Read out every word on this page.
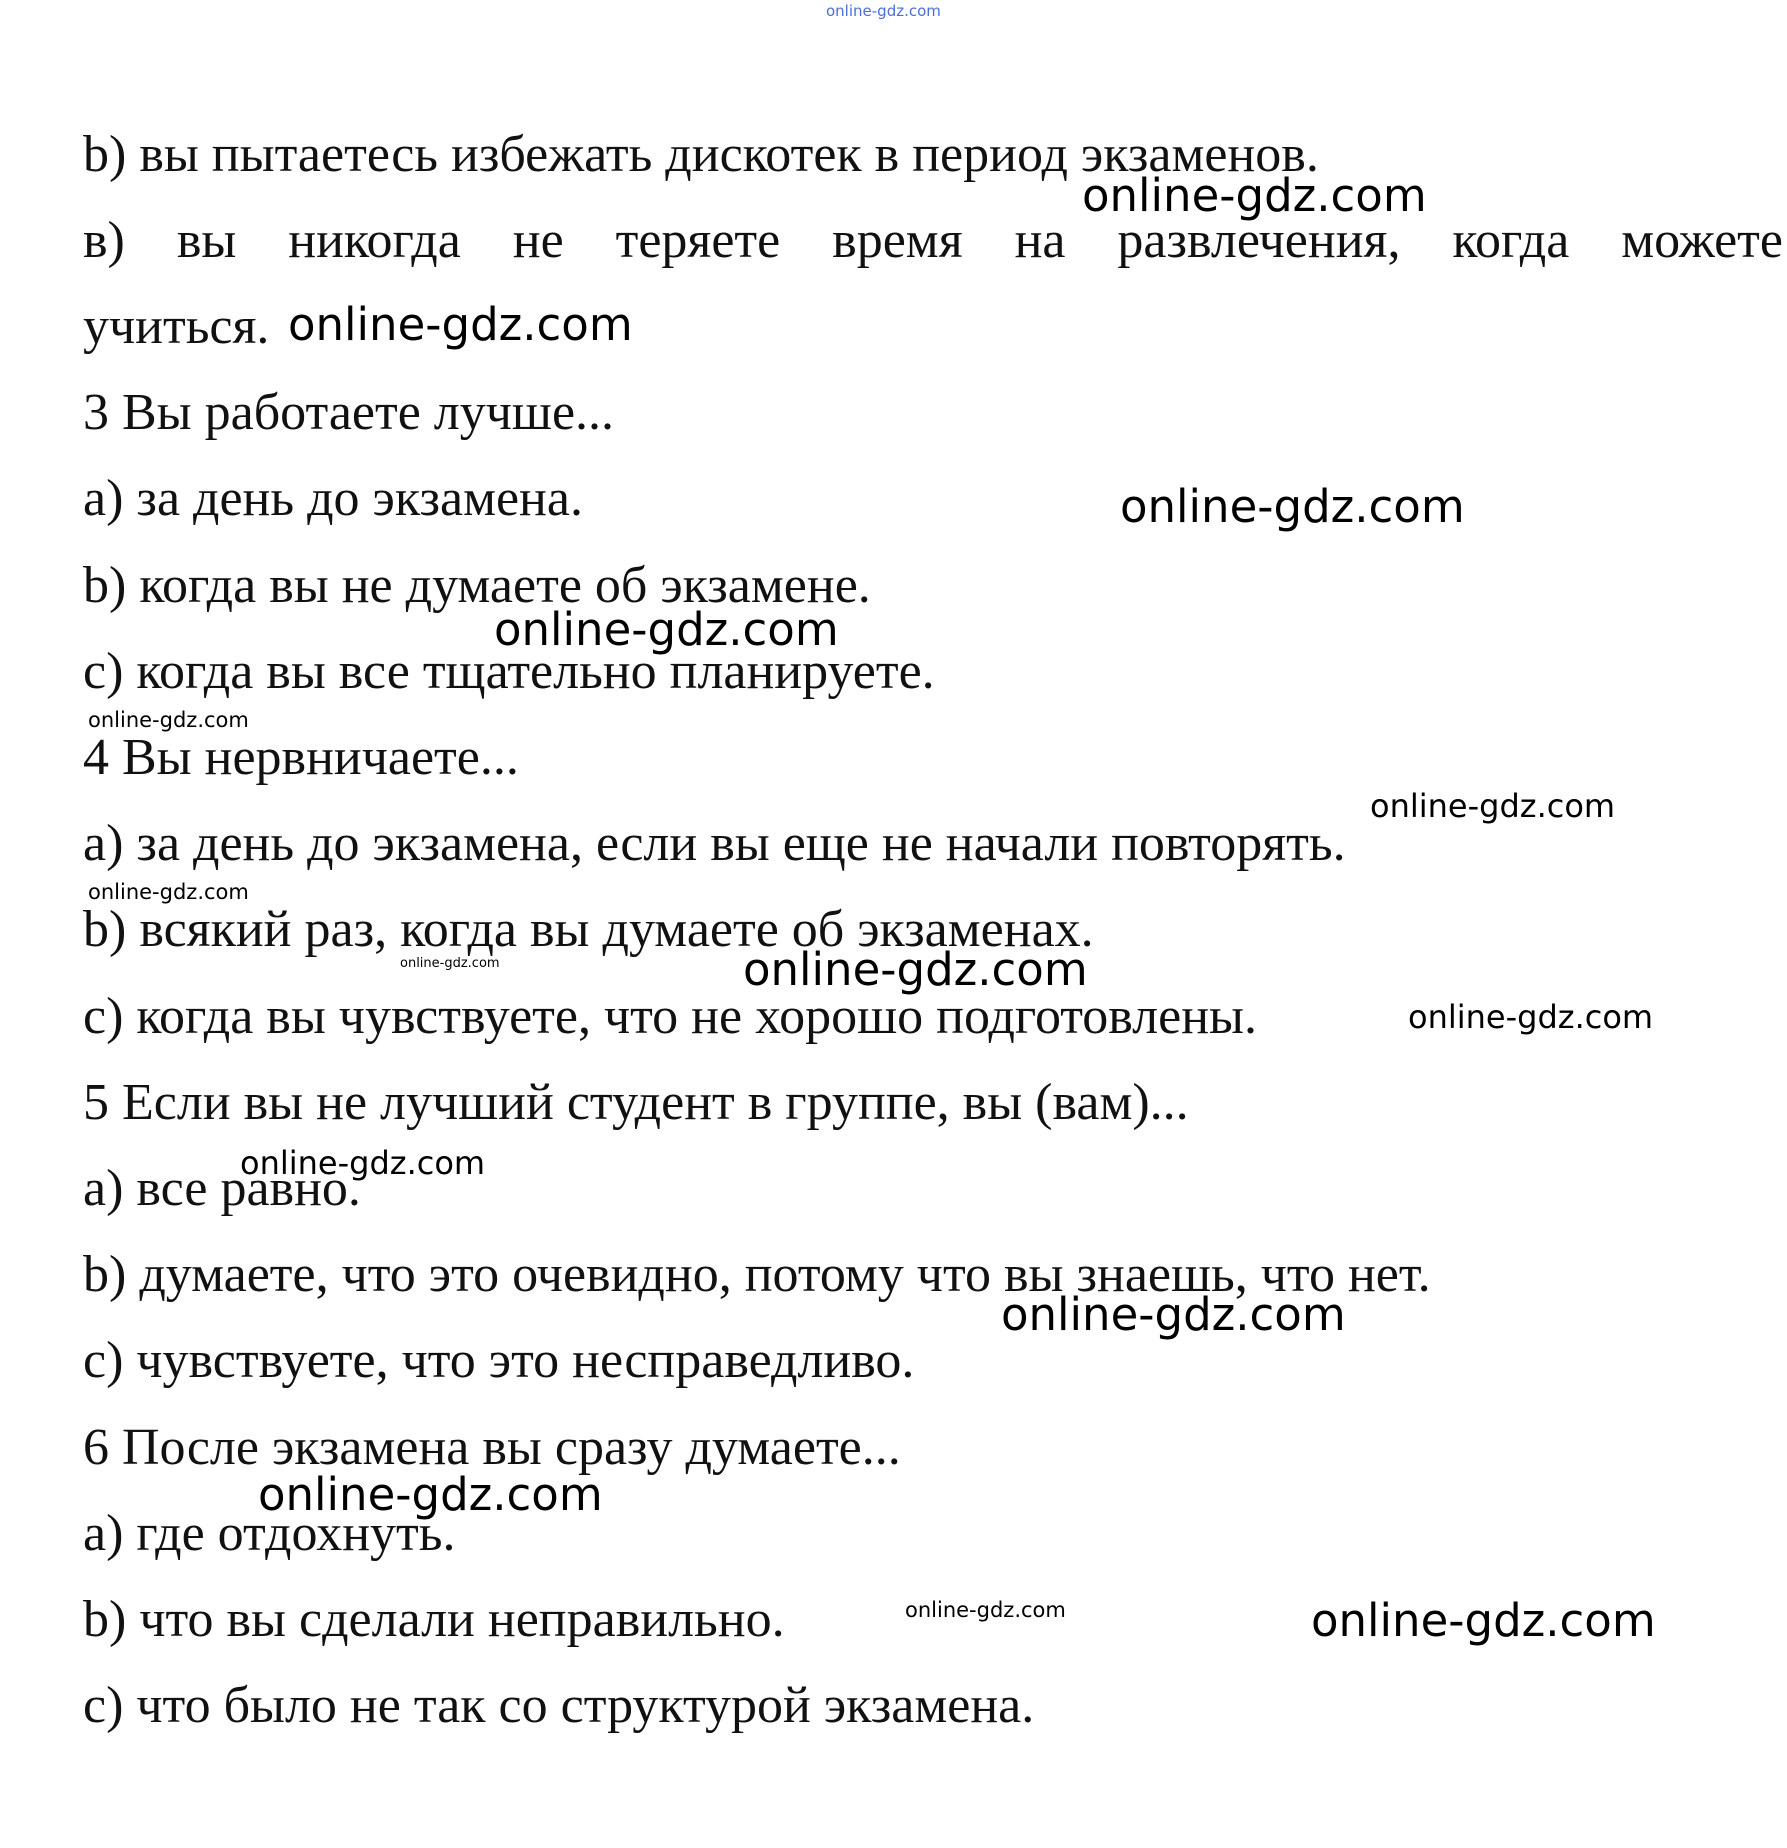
online-gdz.com
b) вы пытаетесь избежать дискотек в период экзаменов.
в) вы никогда не теряете время на развлечения, когда можете
учиться.
3 Вы работаете лучше...
a) за день до экзамена.
b) когда вы не думаете об экзамене.
c) когда вы все тщательно планируете.
4 Вы нервничаете...
a) за день до экзамена, если вы еще не начали повторять.
b) всякий раз, когда вы думаете об экзаменах.
c) когда вы чувствуете, что не хорошо подготовлены.
5 Если вы не лучший студент в группе, вы (вам)...
a) все равно.
b) думаете, что это очевидно, потому что вы знаешь, что нет.
c) чувствуете, что это несправедливо.
6 После экзамена вы сразу думаете...
a) где отдохнуть.
b) что вы сделали неправильно.
c) что было не так со структурой экзамена.
online-gdz.com
online-gdz.com
online-gdz.com
online-gdz.com
online-gdz.com
online-gdz.com
online-gdz.com
online-gdz.com	online-gdz.com
online-gdz.com
online-gdz.com
online-gdz.com
online-gdz.com
online-gdz.com	online-gdz.com
